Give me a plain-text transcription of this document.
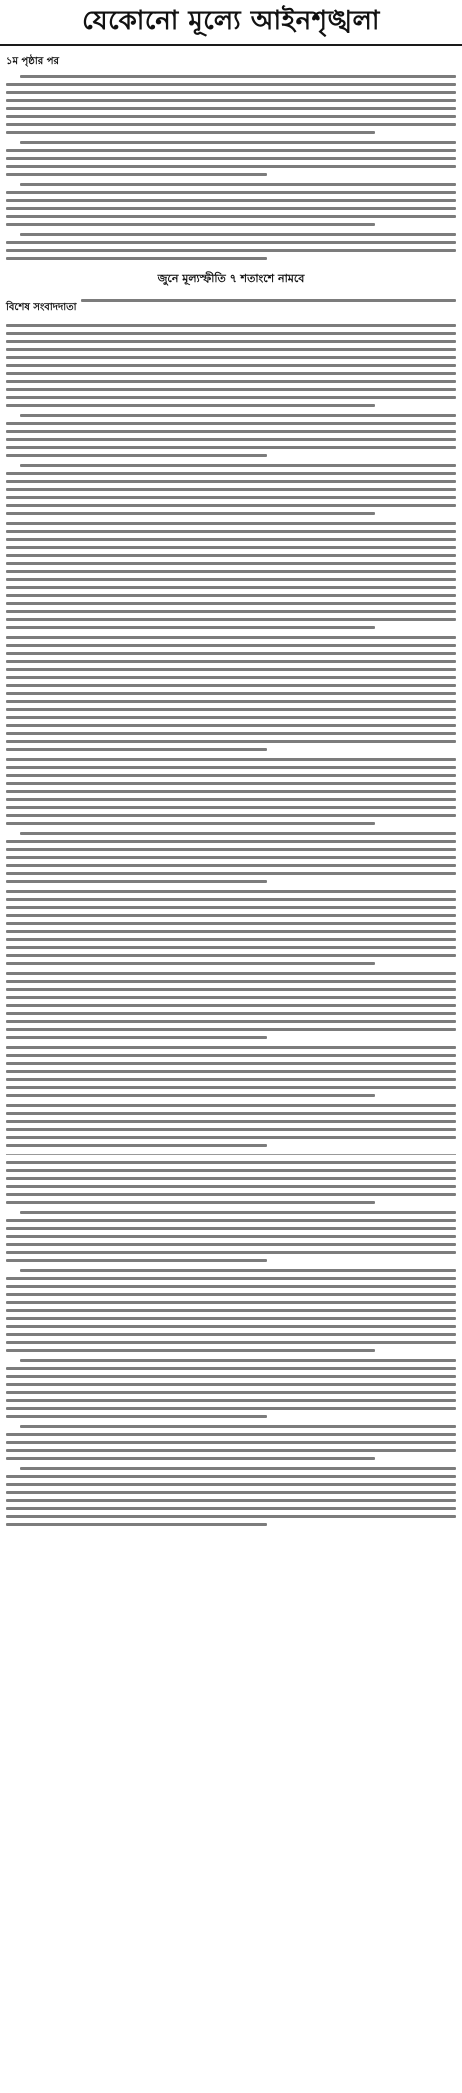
যেকোনো মূল্যে আইনশৃঙ্খলা
১ম পৃষ্ঠার পর
জুনে মূল্যস্ফীতি ৭ শতাংশে নামবে
বিশেষ সংবাদদাতা
